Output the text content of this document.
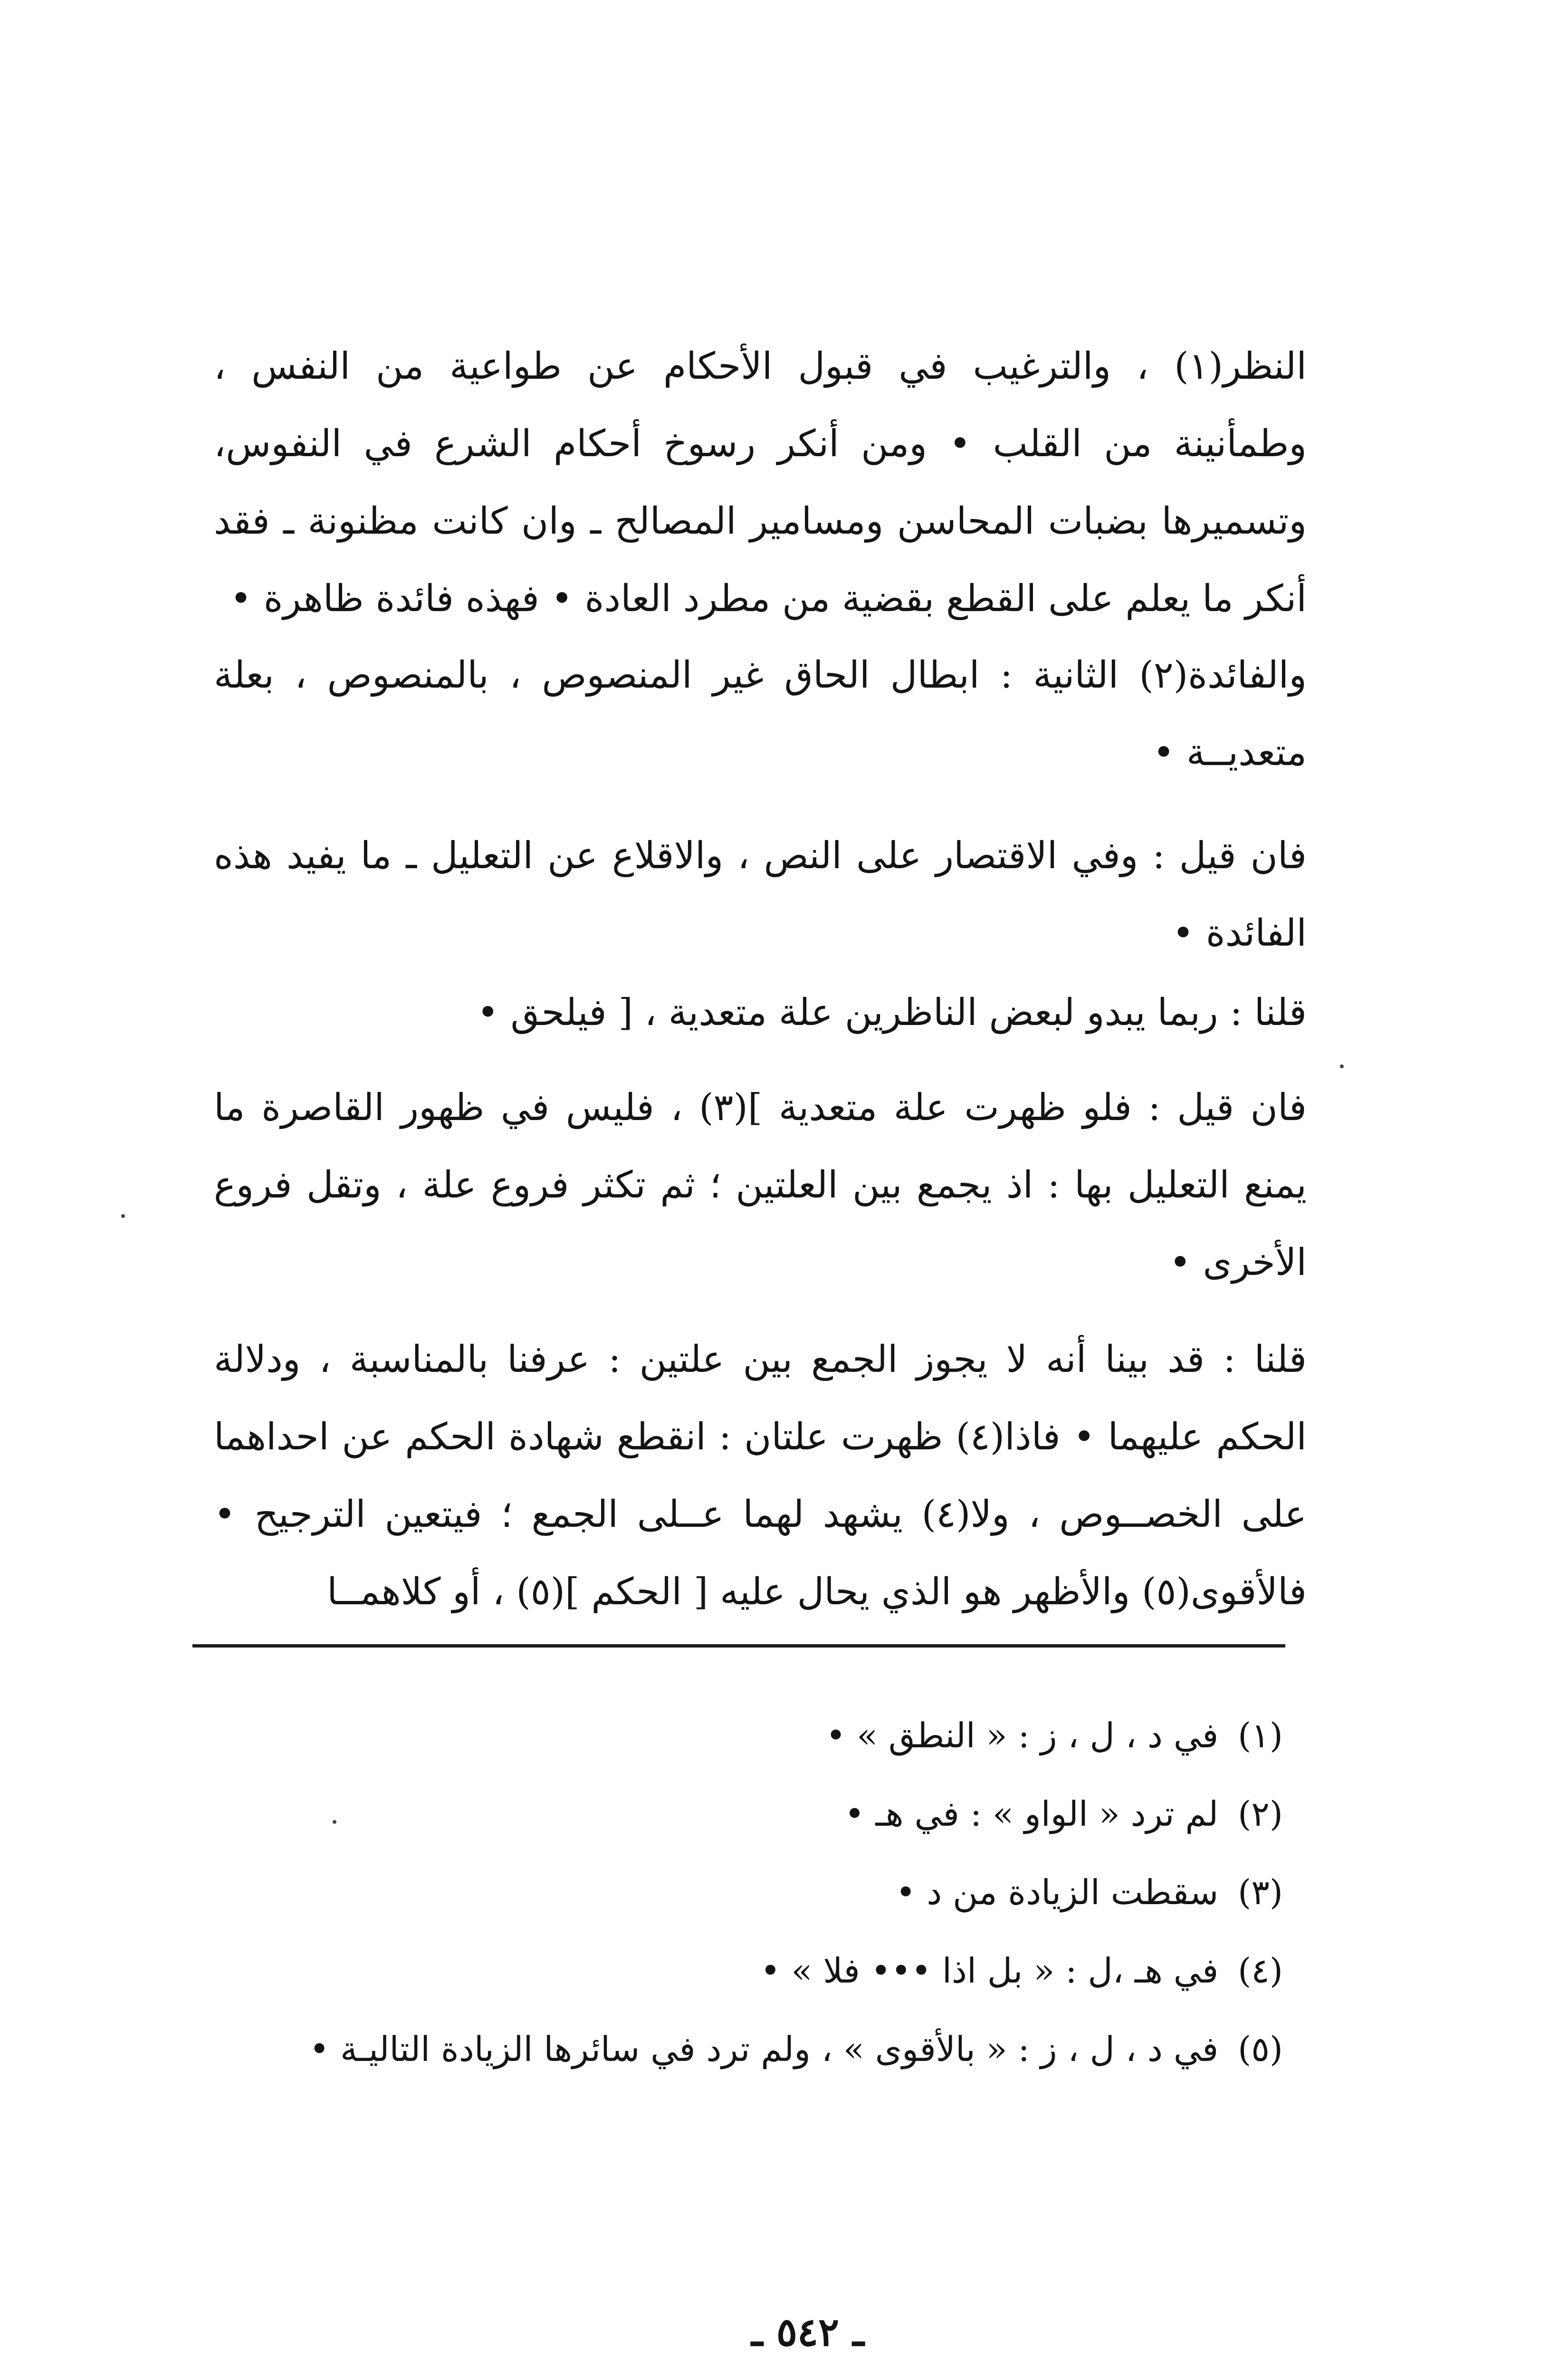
النظر(١) ، والترغيب في قبول الأحكام عن طواعية من النفس ، وطمأنينة من القلب • ومن أنكر رسوخ أحكام الشرع في النفوس، وتسميرها بضبات المحاسن ومسامير المصالح ـ وان كانت مظنونة ـ فقد أنكر ما يعلم على القطع بقضية من مطرد العادة • فهذه فائدة ظاهرة •

والفائدة(٢) الثانية : ابطال الحاق غير المنصوص ، بالمنصوص ، بعلة متعديــة •

فان قيل : وفي الاقتصار على النص ، والاقلاع عن التعليل ـ ما يفيد هذه الفائدة •

قلنا : ربما يبدو لبعض الناظرين علة متعدية ، [ فيلحق •

فان قيل : فلو ظهرت علة متعدية ](٣) ، فليس في ظهور القاصرة ما يمنع التعليل بها : اذ يجمع بين العلتين ؛ ثم تكثر فروع علة ، وتقل فروع الأخرى •

قلنا : قد بينا أنه لا يجوز الجمع بين علتين : عرفنا بالمناسبة ، ودلالة الحكم عليهما • فاذا(٤) ظهرت علتان : انقطع شهادة الحكم عن احداهما على الخصــوص ، ولا(٤) يشهد لهما عــلى الجمع ؛ فيتعين الترجيح • فالأقوى(٥) والأظهر هو الذي يحال عليه [ الحكم ](٥) ، أو كلاهمــا

(١) في د ، ل ، ز : « النطق » •
(٢) لم ترد « الواو » : في هـ •
(٣) سقطت الزيادة من د •
(٤) في هـ ،ل : « بل اذا ••• فلا » •
(٥) في د ، ل ، ز : « بالأقوى » ، ولم ترد في سائرها الزيادة التاليـة •
ـ ٥٤٢ ـ
